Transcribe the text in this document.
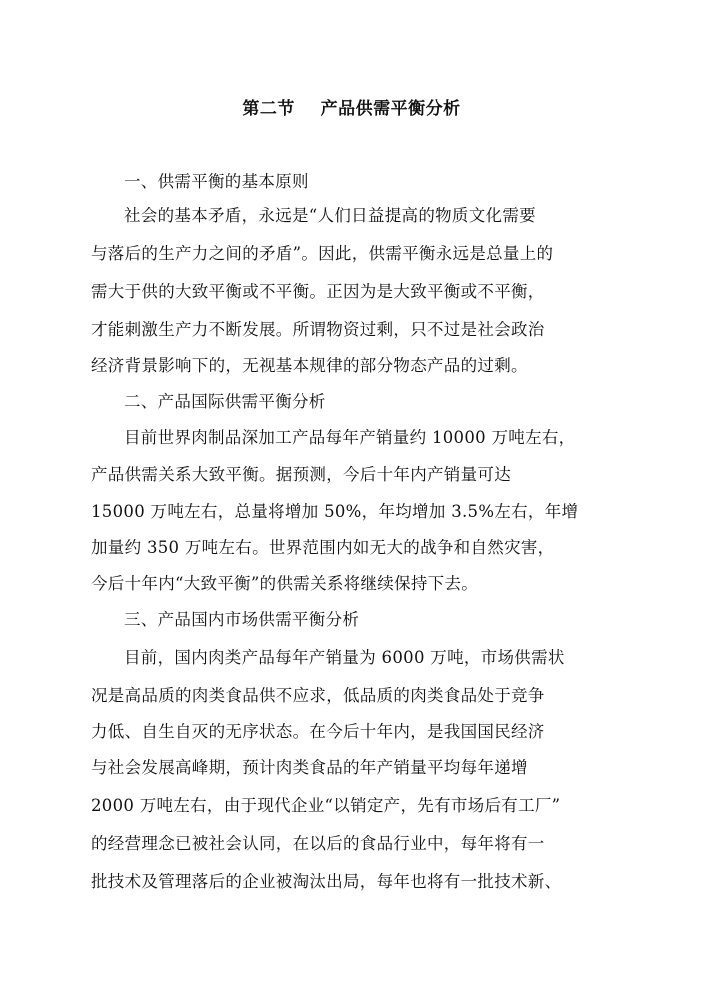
第二节    产品供需平衡分析
一、供需平衡的基本原则
社会的基本矛盾，永远是“人们日益提高的物质文化需要
与落后的生产力之间的矛盾”。因此，供需平衡永远是总量上的
需大于供的大致平衡或不平衡。正因为是大致平衡或不平衡，
才能刺激生产力不断发展。所谓物资过剩，只不过是社会政治
经济背景影响下的，无视基本规律的部分物态产品的过剩。
二、产品国际供需平衡分析
目前世界肉制品深加工产品每年产销量约 10000 万吨左右，
产品供需关系大致平衡。据预测，今后十年内产销量可达
15000 万吨左右，总量将增加 50%，年均增加 3.5%左右，年增
加量约 350 万吨左右。世界范围内如无大的战争和自然灾害，
今后十年内“大致平衡”的供需关系将继续保持下去。
三、产品国内市场供需平衡分析
目前，国内肉类产品每年产销量为 6000 万吨，市场供需状
况是高品质的肉类食品供不应求，低品质的肉类食品处于竞争
力低、自生自灭的无序状态。在今后十年内，是我国国民经济
与社会发展高峰期，预计肉类食品的年产销量平均每年递增
2000 万吨左右，由于现代企业“以销定产，先有市场后有工厂”
的经营理念已被社会认同，在以后的食品行业中，每年将有一
批技术及管理落后的企业被淘汰出局，每年也将有一批技术新、
